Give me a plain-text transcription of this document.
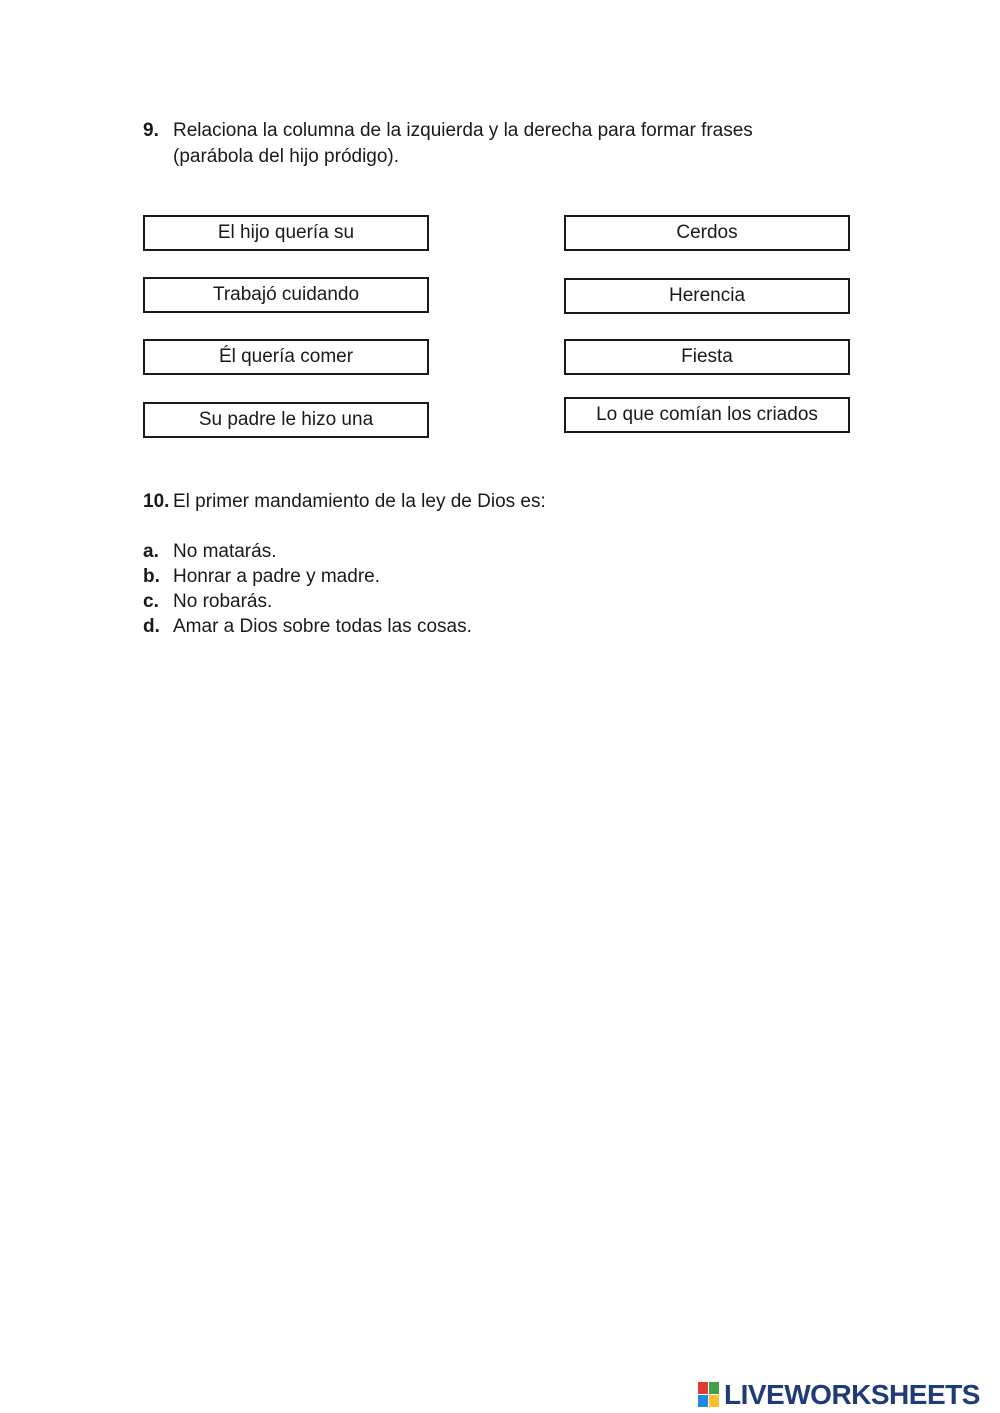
9. Relaciona la columna de la izquierda y la derecha para formar frases
(parábola del hijo pródigo).
El hijo quería su
Trabajó cuidando
Él quería comer
Su padre le hizo una
Cerdos
Herencia
Fiesta
Lo que comían los criados
10. El primer mandamiento de la ley de Dios es:
a. No matarás.
b. Honrar a padre y madre.
c. No robarás.
d. Amar a Dios sobre todas las cosas.
LIVEWORKSHEETS
